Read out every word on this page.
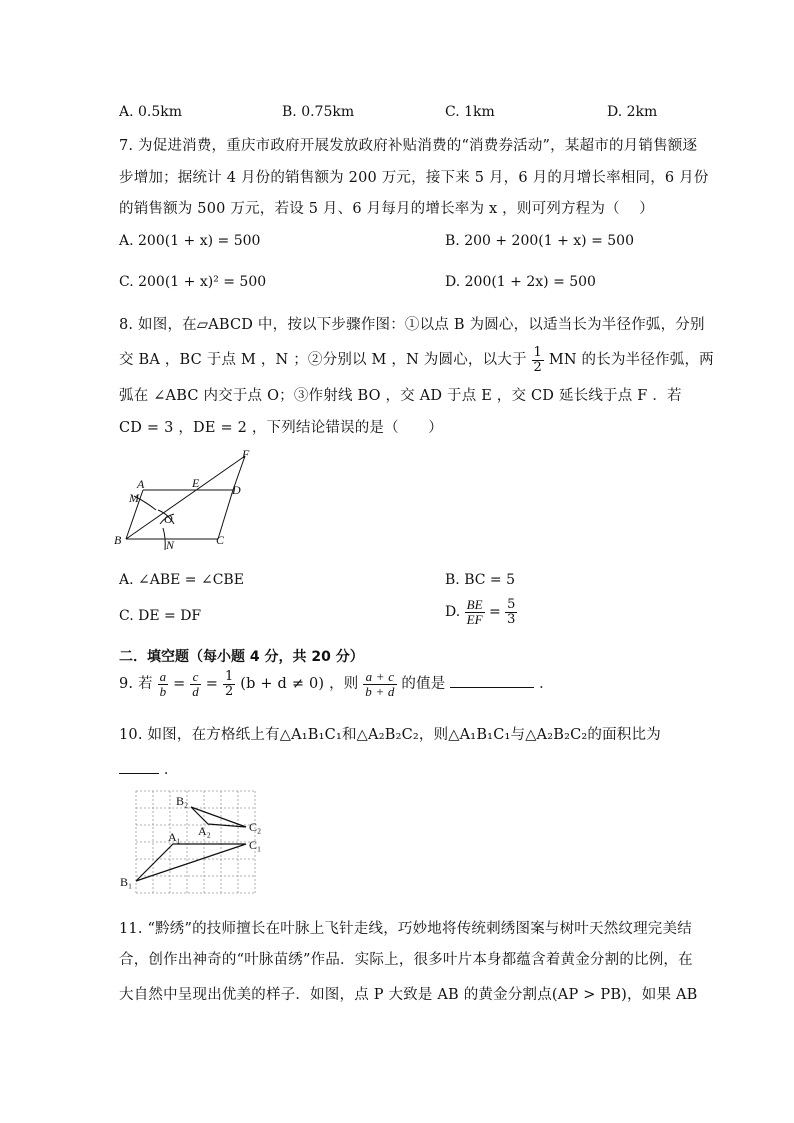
A. 0.5km	B. 0.75km	C. 1km	D. 2km
7. 为促进消费，重庆市政府开展发放政府补贴消费的“消费券活动”，某超市的月销售额逐
步增加；据统计 4 月份的销售额为 200 万元，接下来 5 月，6 月的月增长率相同，6 月份
的销售额为 500 万元，若设 5 月、6 月每月的增长率为 x ，则可列方程为（　 ）
A. 200(1 + x) = 500	B. 200 + 200(1 + x) = 500
C. 200(1 + x)² = 500	D. 200(1 + 2x) = 500
8. 如图，在▱ABCD 中，按以下步骤作图：①以点 B 为圆心，以适当长为半径作弧，分别
交 BA ，BC 于点 M ，N ；②分别以 M ，N 为圆心，以大于 $\frac{1}{2}$ MN 的长为半径作弧，两
弧在 ∠ABC 内交于点 O；③作射线 BO ，交 AD 于点 E ，交 CD 延长线于点 F ．若
CD = 3 ，DE = 2 ，下列结论错误的是（　　）
A
M
E	D
F
O
B	N	C
A. ∠ABE = ∠CBE	B. BC = 5
C. DE = DF	D. $\frac{BE}{EF} = \frac{5}{3}$
二．填空题（每小题 4 分，共 20 分）
9. 若 $\frac{a}{b} = \frac{c}{d} = \frac{1}{2} (b + d \ne 0)$ ，则 $\frac{a + c}{b + d}$ 的值是	．
10. 如图，在方格纸上有△A₁B₁C₁和△A₂B₂C₂，则△A₁B₁C₁与△A₂B₂C₂的面积比为
．
B₂
A₂	C₂
A₁
C₁
B₁
11. “黔绣”的技师擅长在叶脉上飞针走线，巧妙地将传统刺绣图案与树叶天然纹理完美结
合，创作出神奇的“叶脉苗绣”作品．实际上，很多叶片本身都蕴含着黄金分割的比例，在
大自然中呈现出优美的样子．如图，点 P 大致是 AB 的黄金分割点(AP > PB)，如果 AB
